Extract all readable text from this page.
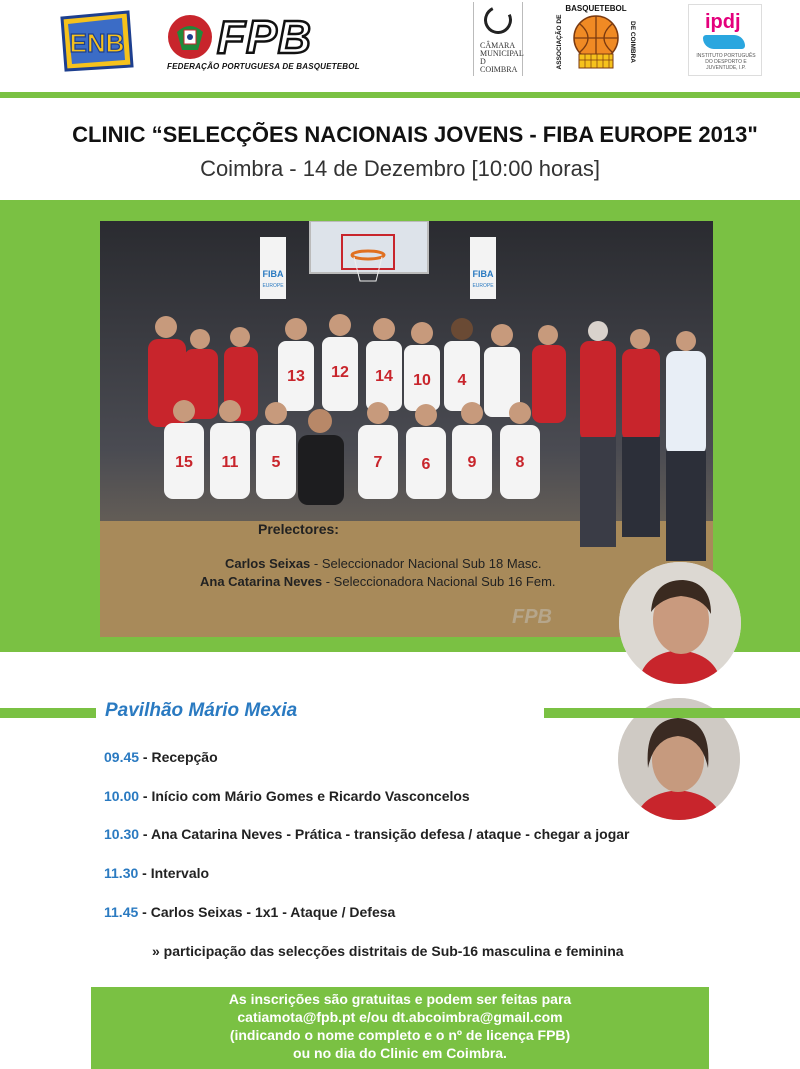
ENB FPB
FEDERAÇÃO PORTUGUESA DE BASQUETEBOL
CÂMARA
MUNICIPAL
D
COIMBRA
BASQUETEBOL
ASSOCIAÇÃO DE	DE COIMBRA	ipdj
INSTITUTO PORTUGUÊS DO DESPORTO E JUVENTUDE, I.P.
CLINIC “SELECÇÕES NACIONAIS JOVENS - FIBA EUROPE 2013"
Coimbra - 14 de Dezembro [10:00 horas]
FIBA
EUROPE
FIBA
EUROPE
13 12 14 10 4
15 11 5	7 6 9 8
FPB
Prelectores:
Carlos Seixas - Seleccionador Nacional Sub 18 Masc.
Ana Catarina Neves - Seleccionadora Nacional Sub 16 Fem.
Pavilhão Mário Mexia
09.45 - Recepção
10.00 - Início com Mário Gomes e Ricardo Vasconcelos
10.30 - Ana Catarina Neves - Prática - transição defesa / ataque - chegar a jogar
11.30 - Intervalo
11.45 - Carlos Seixas - 1x1 - Ataque / Defesa
» participação das selecções distritais de Sub-16 masculina e feminina
As inscrições são gratuitas e podem ser feitas para
catiamota@fpb.pt e/ou dt.abcoimbra@gmail.com
(indicando o nome completo e o nº de licença FPB)
ou no dia do Clinic em Coimbra.
